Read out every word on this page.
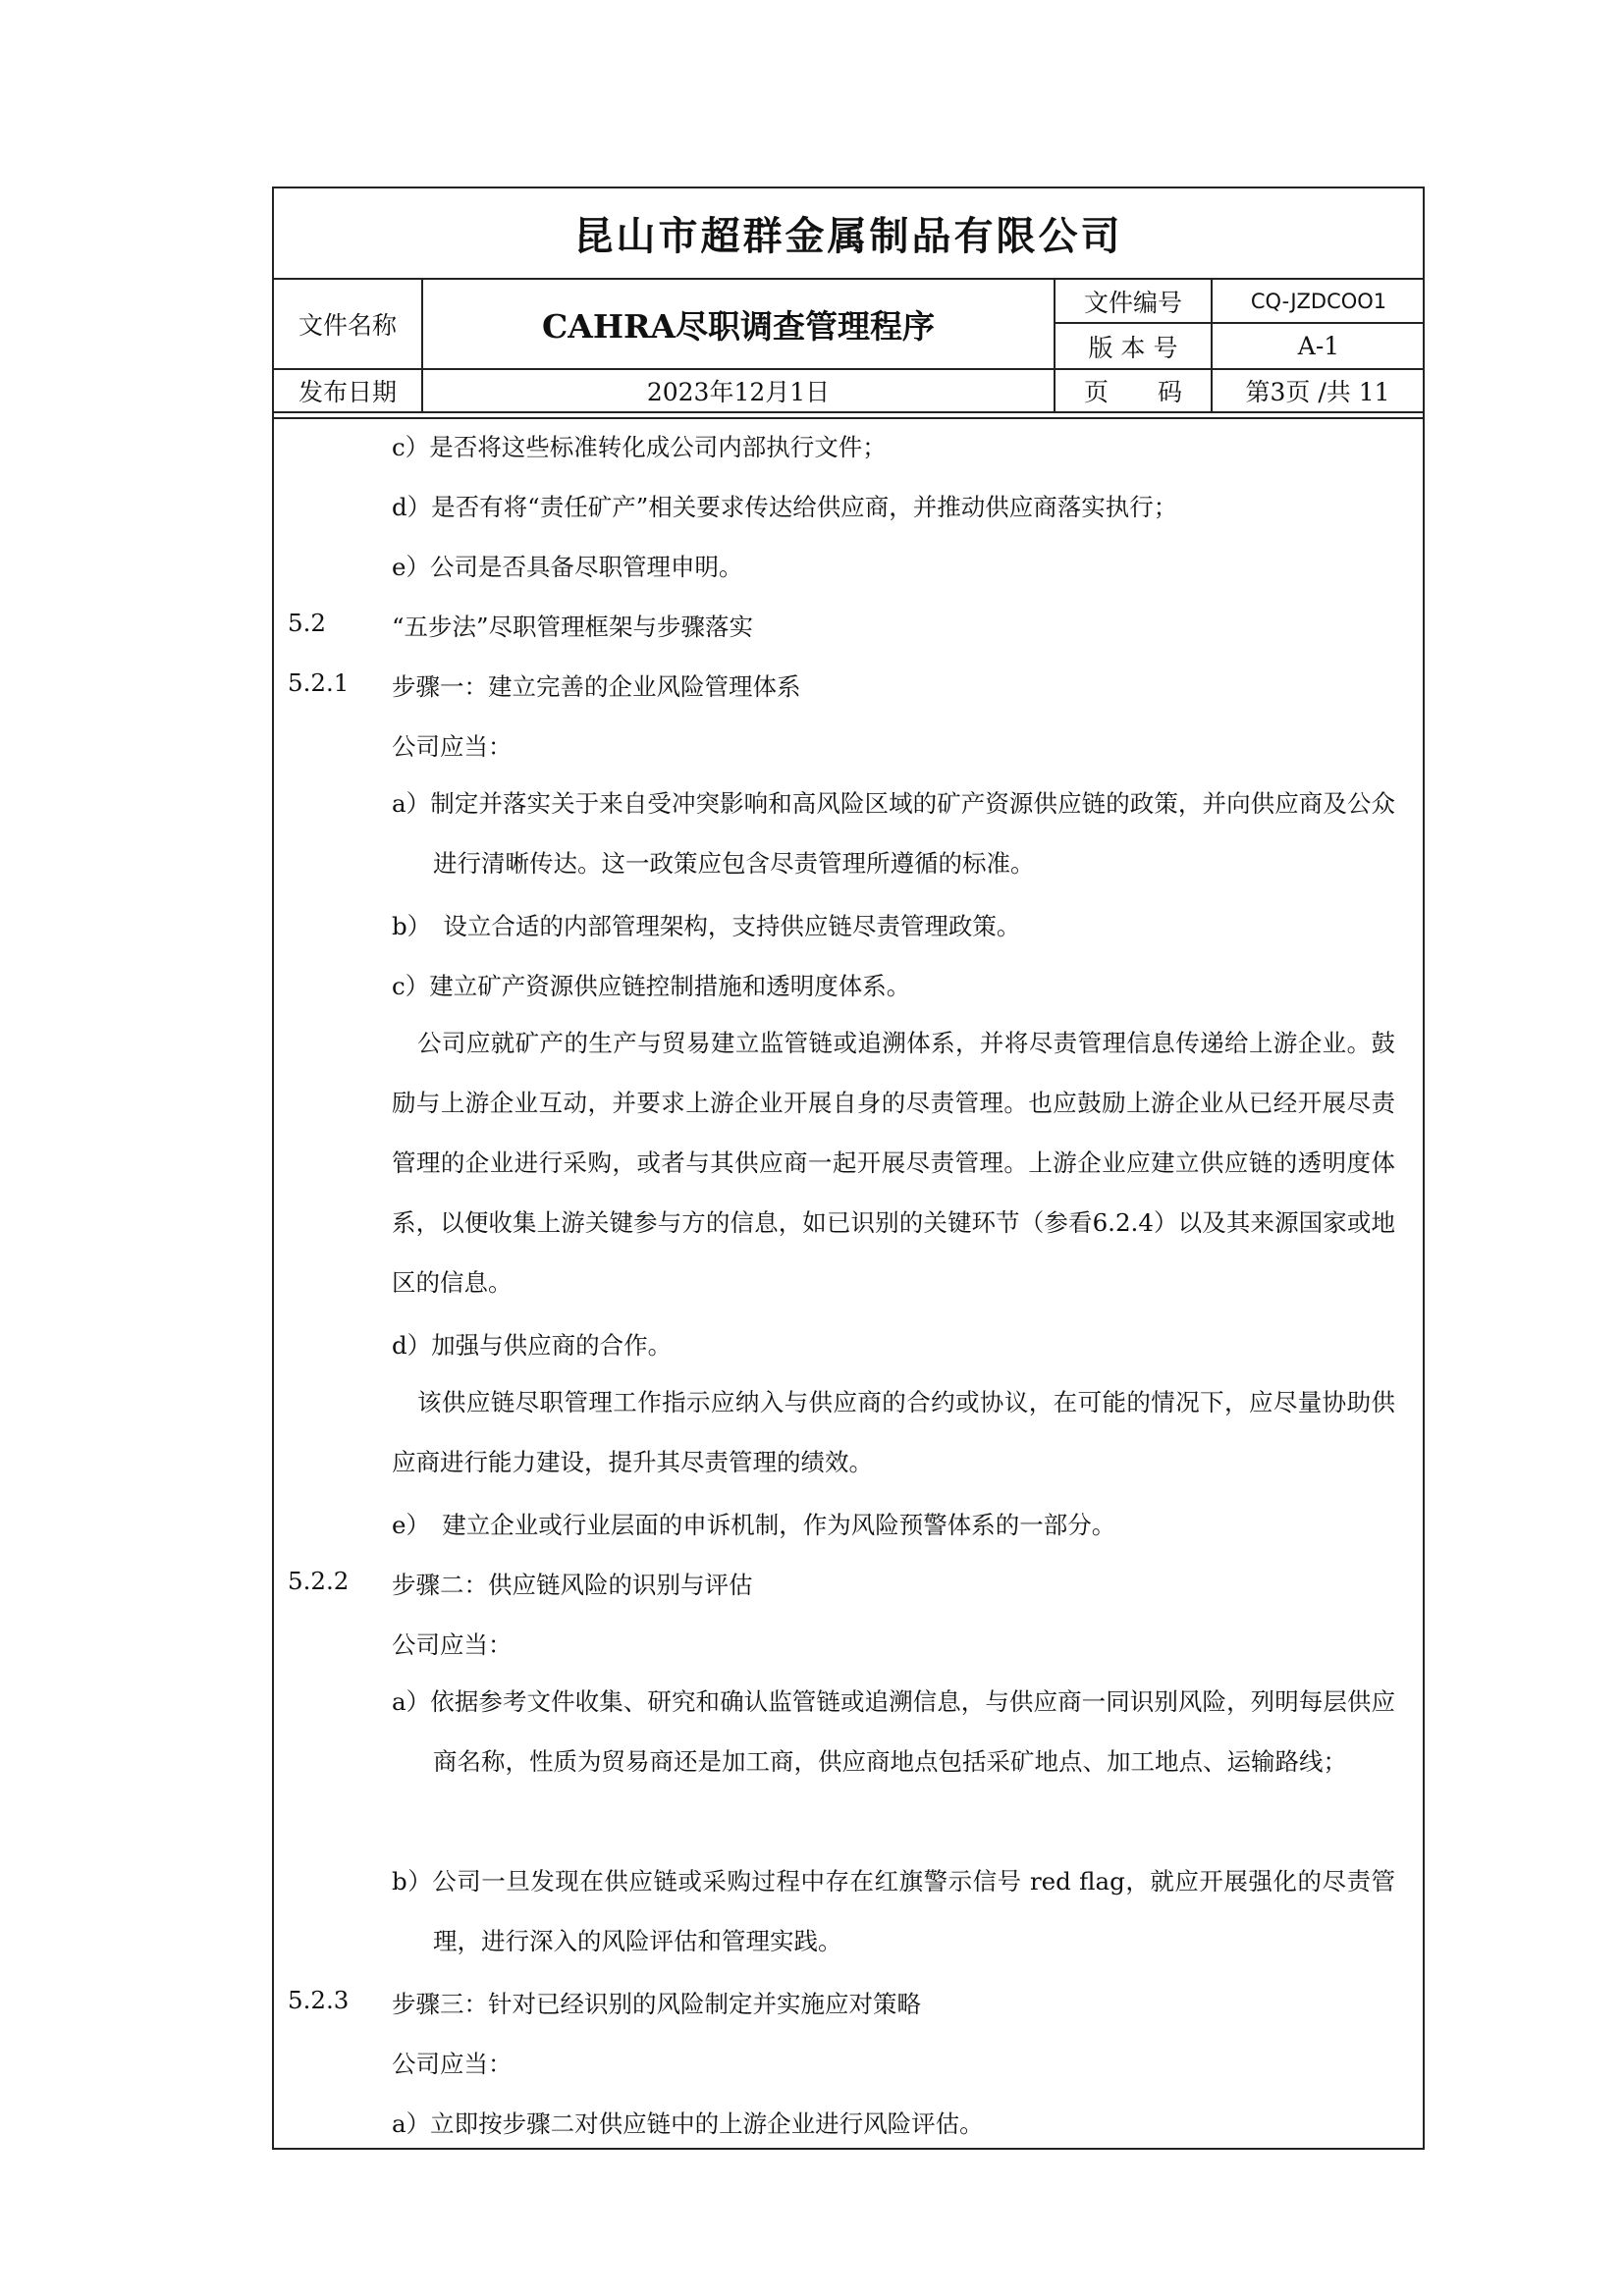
昆山市超群金属制品有限公司
文件名称	CAHRA尽职调查管理程序
文件编号	CQ-JZDCOO1
版 本 号	A-1
发布日期	2023年12月1日	页　　码	第3页 /共 11
c）是否将这些标准转化成公司内部执行文件；
d）是否有将“责任矿产”相关要求传达给供应商，并推动供应商落实执行；
e）公司是否具备尽职管理申明。
5.2	“五步法”尽职管理框架与步骤落实
5.2.1 步骤一：建立完善的企业风险管理体系
公司应当：
a）制定并落实关于来自受冲突影响和高风险区域的矿产资源供应链的政策，并向供应商及公众进行清晰传达。这一政策应包含尽责管理所遵循的标准。
b）　设立合适的内部管理架构，支持供应链尽责管理政策。
c）建立矿产资源供应链控制措施和透明度体系。
公司应就矿产的生产与贸易建立监管链或追溯体系，并将尽责管理信息传递给上游企业。鼓励与上游企业互动，并要求上游企业开展自身的尽责管理。也应鼓励上游企业从已经开展尽责管理的企业进行采购，或者与其供应商一起开展尽责管理。上游企业应建立供应链的透明度体系，以便收集上游关键参与方的信息，如已识别的关键环节（参看6.2.4）以及其来源国家或地区的信息。
d）加强与供应商的合作。
该供应链尽职管理工作指示应纳入与供应商的合约或协议，在可能的情况下，应尽量协助供应商进行能力建设，提升其尽责管理的绩效。
e）　建立企业或行业层面的申诉机制，作为风险预警体系的一部分。
5.2.2 步骤二：供应链风险的识别与评估
公司应当：
a）依据参考文件收集、研究和确认监管链或追溯信息，与供应商一同识别风险，列明每层供应商名称，性质为贸易商还是加工商，供应商地点包括采矿地点、加工地点、运输路线；
b）公司一旦发现在供应链或采购过程中存在红旗警示信号 red flag，就应开展强化的尽责管理，进行深入的风险评估和管理实践。
5.2.3 步骤三：针对已经识别的风险制定并实施应对策略
公司应当：
a）立即按步骤二对供应链中的上游企业进行风险评估。
